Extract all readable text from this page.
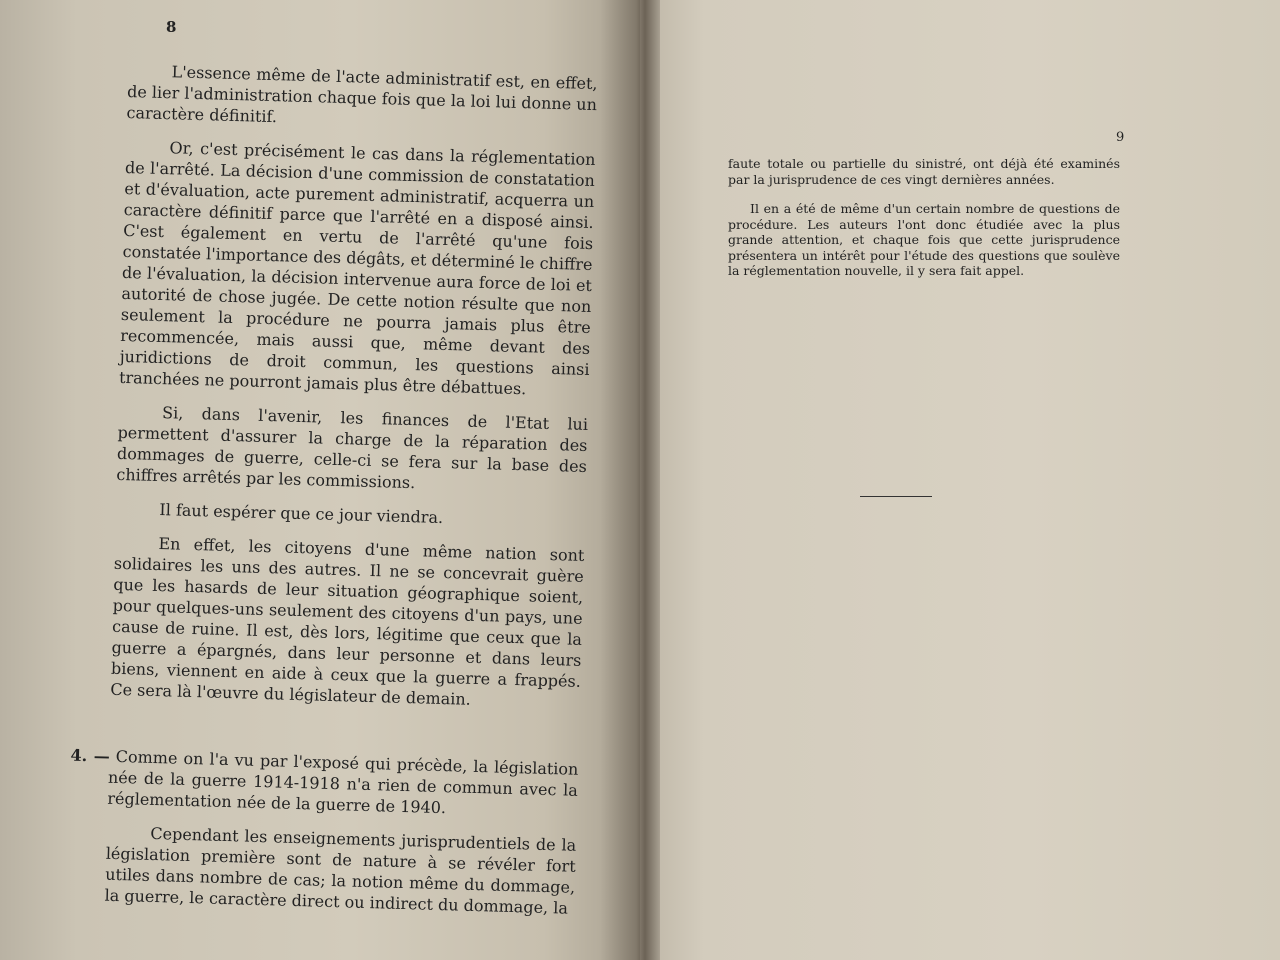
8

L'essence même de l'acte administratif est, en effet, de lier l'administration chaque fois que la loi lui donne un caractère définitif.

Or, c'est précisément le cas dans la réglementation de l'arrêté. La décision d'une commission de constatation et d'évaluation, acte purement administratif, acquerra un caractère définitif parce que l'arrêté en a disposé ainsi. C'est également en vertu de l'arrêté qu'une fois constatée l'importance des dégâts, et déterminé le chiffre de l'évaluation, la décision intervenue aura force de loi et autorité de chose jugée. De cette notion résulte que non seulement la procédure ne pourra jamais plus être recommencée, mais aussi que, même devant des juridictions de droit commun, les questions ainsi tranchées ne pourront jamais plus être débattues.

Si, dans l'avenir, les finances de l'Etat lui permettent d'assurer la charge de la réparation des dommages de guerre, celle-ci se fera sur la base des chiffres arrêtés par les commissions.

Il faut espérer que ce jour viendra.

En effet, les citoyens d'une même nation sont solidaires les uns des autres. Il ne se concevrait guère que les hasards de leur situation géographique soient, pour quelques-uns seulement des citoyens d'un pays, une cause de ruine. Il est, dès lors, légitime que ceux que la guerre a épargnés, dans leur personne et dans leurs biens, viennent en aide à ceux que la guerre a frappés. Ce sera là l'œuvre du législateur de demain.

4. — Comme on l'a vu par l'exposé qui précède, la législation née de la guerre 1914-1918 n'a rien de commun avec la réglementation née de la guerre de 1940.

Cependant les enseignements jurisprudentiels de la législation première sont de nature à se révéler fort utiles dans nombre de cas; la notion même du dommage, la guerre, le caractère direct ou indirect du dommage, la

9

faute totale ou partielle du sinistré, ont déjà été examinés par la jurisprudence de ces vingt dernières années.

Il en a été de même d'un certain nombre de questions de procédure. Les auteurs l'ont donc étudiée avec la plus grande attention, et chaque fois que cette jurisprudence présentera un intérêt pour l'étude des questions que soulève la réglementation nouvelle, il y sera fait appel.
